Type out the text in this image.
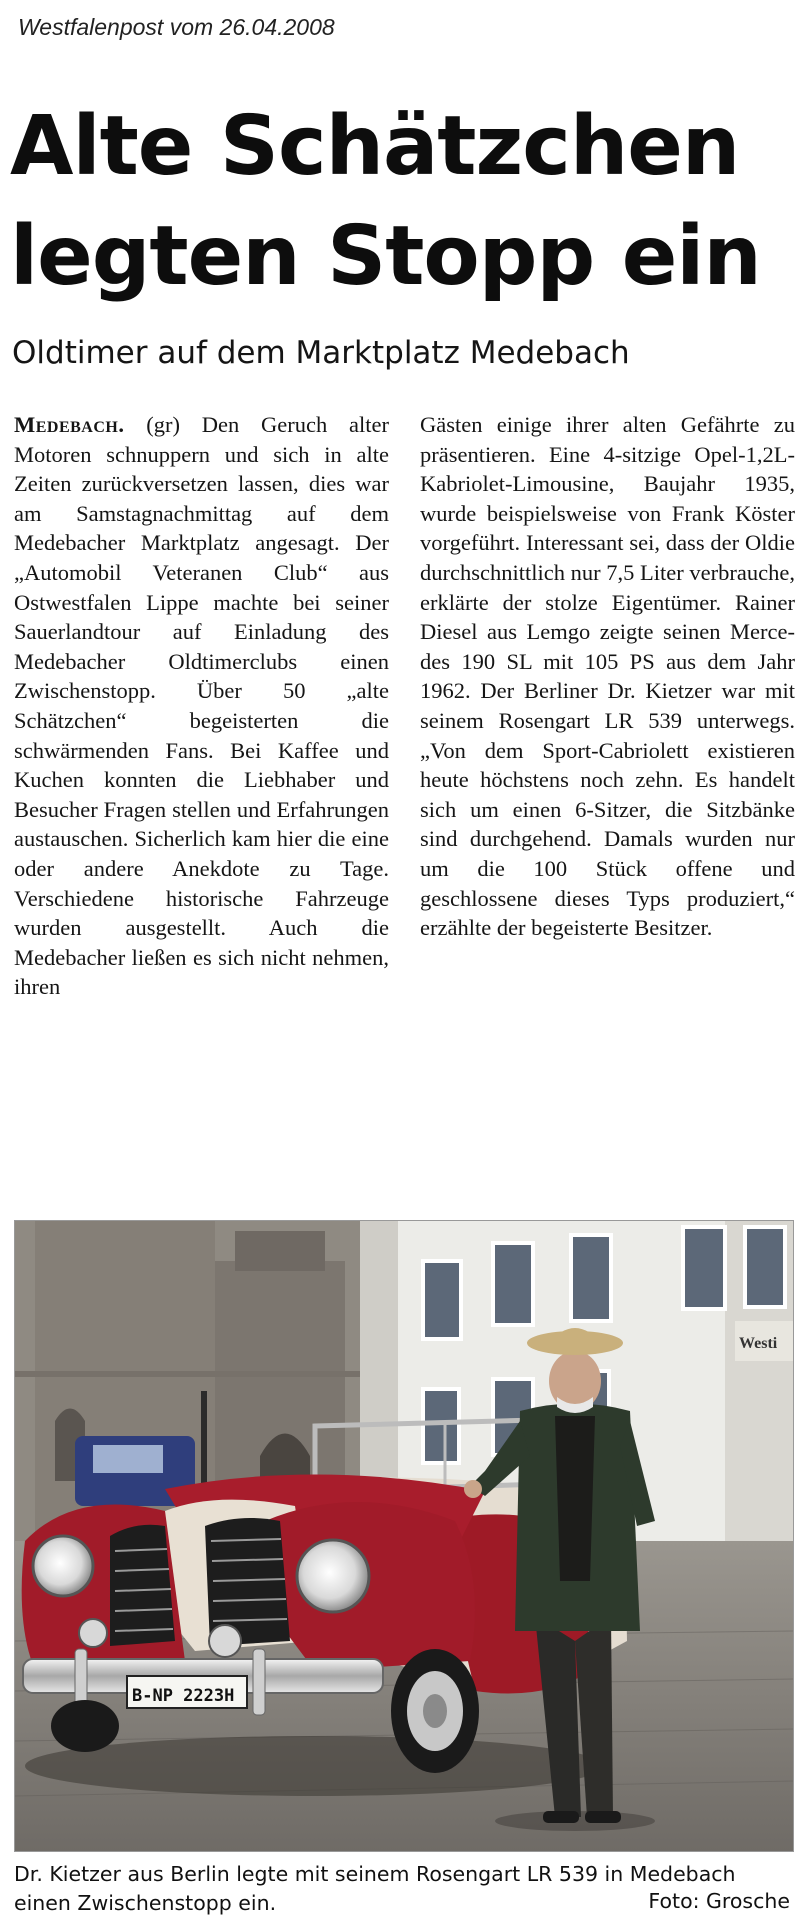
Westfalenpost vom 26.04.2008
Alte Schätzchen
legten Stopp ein
Oldtimer auf dem Marktplatz Medebach

Medebach. (gr) Den Geruch alter Motoren schnuppern und sich in alte Zeiten zurückversetzen lassen, dies war am Samstagnachmittag auf dem Medebacher Marktplatz angesagt. Der „Automobil Veteranen Club“ aus Ostwestfalen Lippe machte bei seiner Sauerlandtour auf Einladung des Medebacher Oldtimerclubs einen Zwischenstopp. Über 50 „alte Schätzchen“ begeisterten die schwärmenden Fans. Bei Kaffee und Kuchen konnten die Liebhaber und Besucher Fragen stellen und Erfahrungen austauschen. Sicherlich kam hier die eine oder andere Anekdote zu Tage. Verschiedene historische Fahrzeuge wurden ausgestellt. Auch die Medebacher ließen es sich nicht nehmen, ihren

Gästen einige ihrer alten Gefährte zu präsentieren. Eine 4-sitzige Opel-1,2L-Kabriolet-Limousine, Baujahr 1935, wurde beispielsweise von Frank Köster vorgeführt. Interessant sei, dass der Oldie durchschnittlich nur 7,5 Liter verbrauche, erklärte der stolze Eigentümer. Rainer Diesel aus Lemgo zeigte seinen Mercedes 190 SL mit 105 PS aus dem Jahr 1962. Der Berliner Dr. Kietzer war mit seinem Rosengart LR 539 unterwegs. „Von dem Sport-Cabriolett existieren heute höchstens noch zehn. Es handelt sich um einen 6-Sitzer, die Sitzbänke sind durchgehend. Damals wurden nur um die 100 Stück offene und geschlossene dieses Typs produziert,“ erzählte der begeisterte Besitzer.

Westi
B-NP 2223H
Dr. Kietzer aus Berlin legte mit seinem Rosengart LR 539 in Medebach einen Zwischenstopp ein.	Foto: Grosche
